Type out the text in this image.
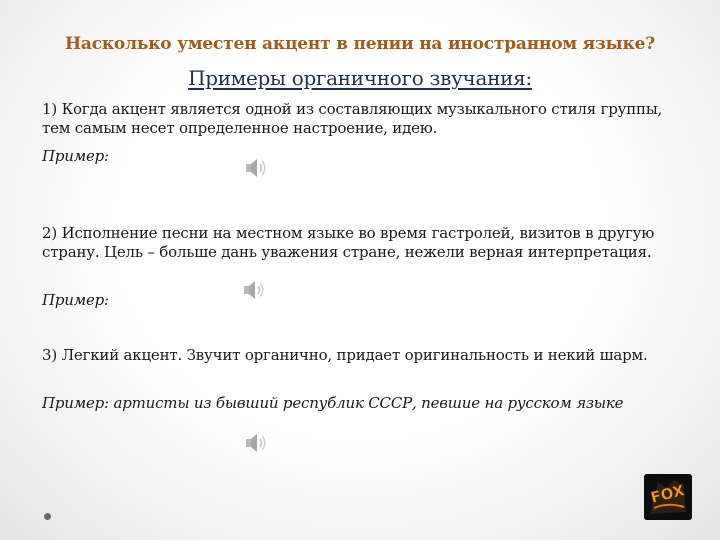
Насколько уместен акцент в пении на иностранном языке?
Примеры органичного звучания:
1) Когда акцент является одной из составляющих музыкального стиля группы, тем самым несет определенное настроение, идею.
Пример:
2) Исполнение песни на местном языке во время гастролей, визитов в другую страну. Цель – больше дань уважения стране, нежели верная интерпретация.
Пример:
3) Легкий акцент. Звучит органично, придает оригинальность и некий шарм.
Пример: артисты из бывший республик СССР, певшие на русском языке
FOX
